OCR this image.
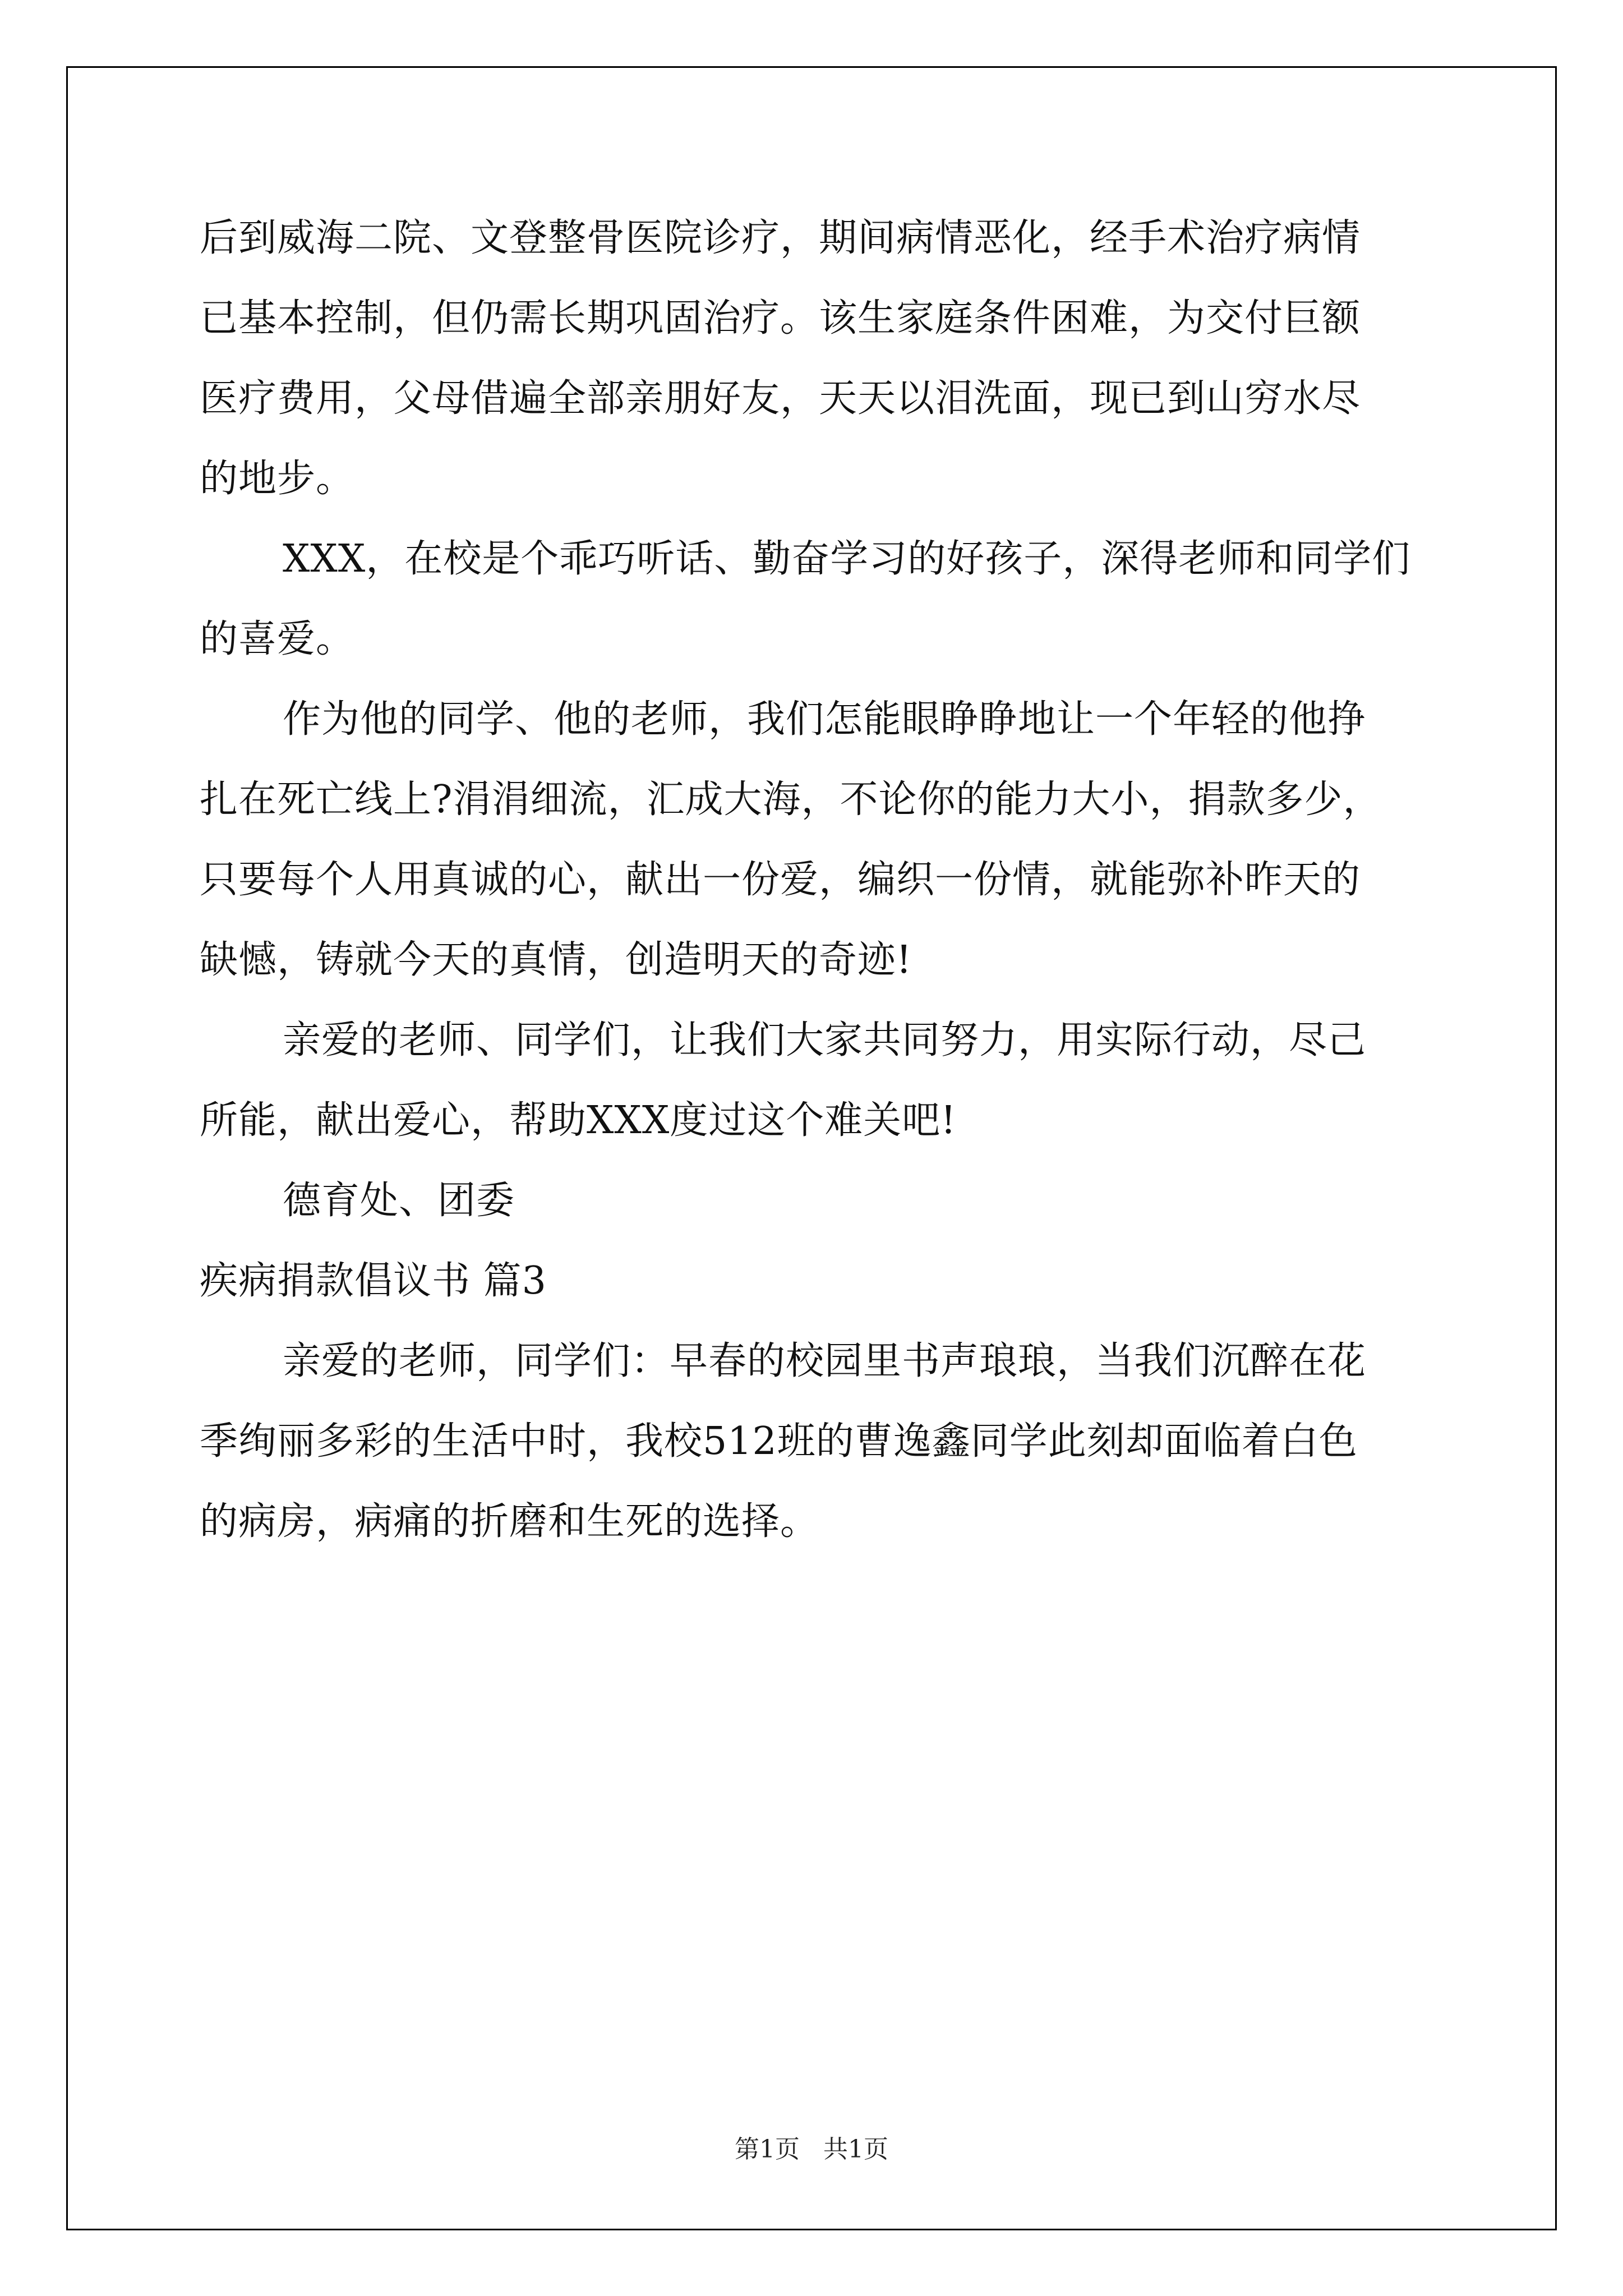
后到威海二院、文登整骨医院诊疗，期间病情恶化，经手术治疗病情
已基本控制，但仍需长期巩固治疗。该生家庭条件困难，为交付巨额
医疗费用，父母借遍全部亲朋好友，天天以泪洗面，现已到山穷水尽
的地步。
XXX，在校是个乖巧听话、勤奋学习的好孩子，深得老师和同学们
的喜爱。
作为他的同学、他的老师，我们怎能眼睁睁地让一个年轻的他挣
扎在死亡线上?涓涓细流，汇成大海，不论你的能力大小，捐款多少，
只要每个人用真诚的心，献出一份爱，编织一份情，就能弥补昨天的
缺憾，铸就今天的真情，创造明天的奇迹!
亲爱的老师、同学们，让我们大家共同努力，用实际行动，尽己
所能，献出爱心，帮助XXX度过这个难关吧!
德育处、团委
疾病捐款倡议书 篇3
亲爱的老师，同学们：早春的校园里书声琅琅，当我们沉醉在花
季绚丽多彩的生活中时，我校512班的曹逸鑫同学此刻却面临着白色
的病房，病痛的折磨和生死的选择。
第1页 共1页
